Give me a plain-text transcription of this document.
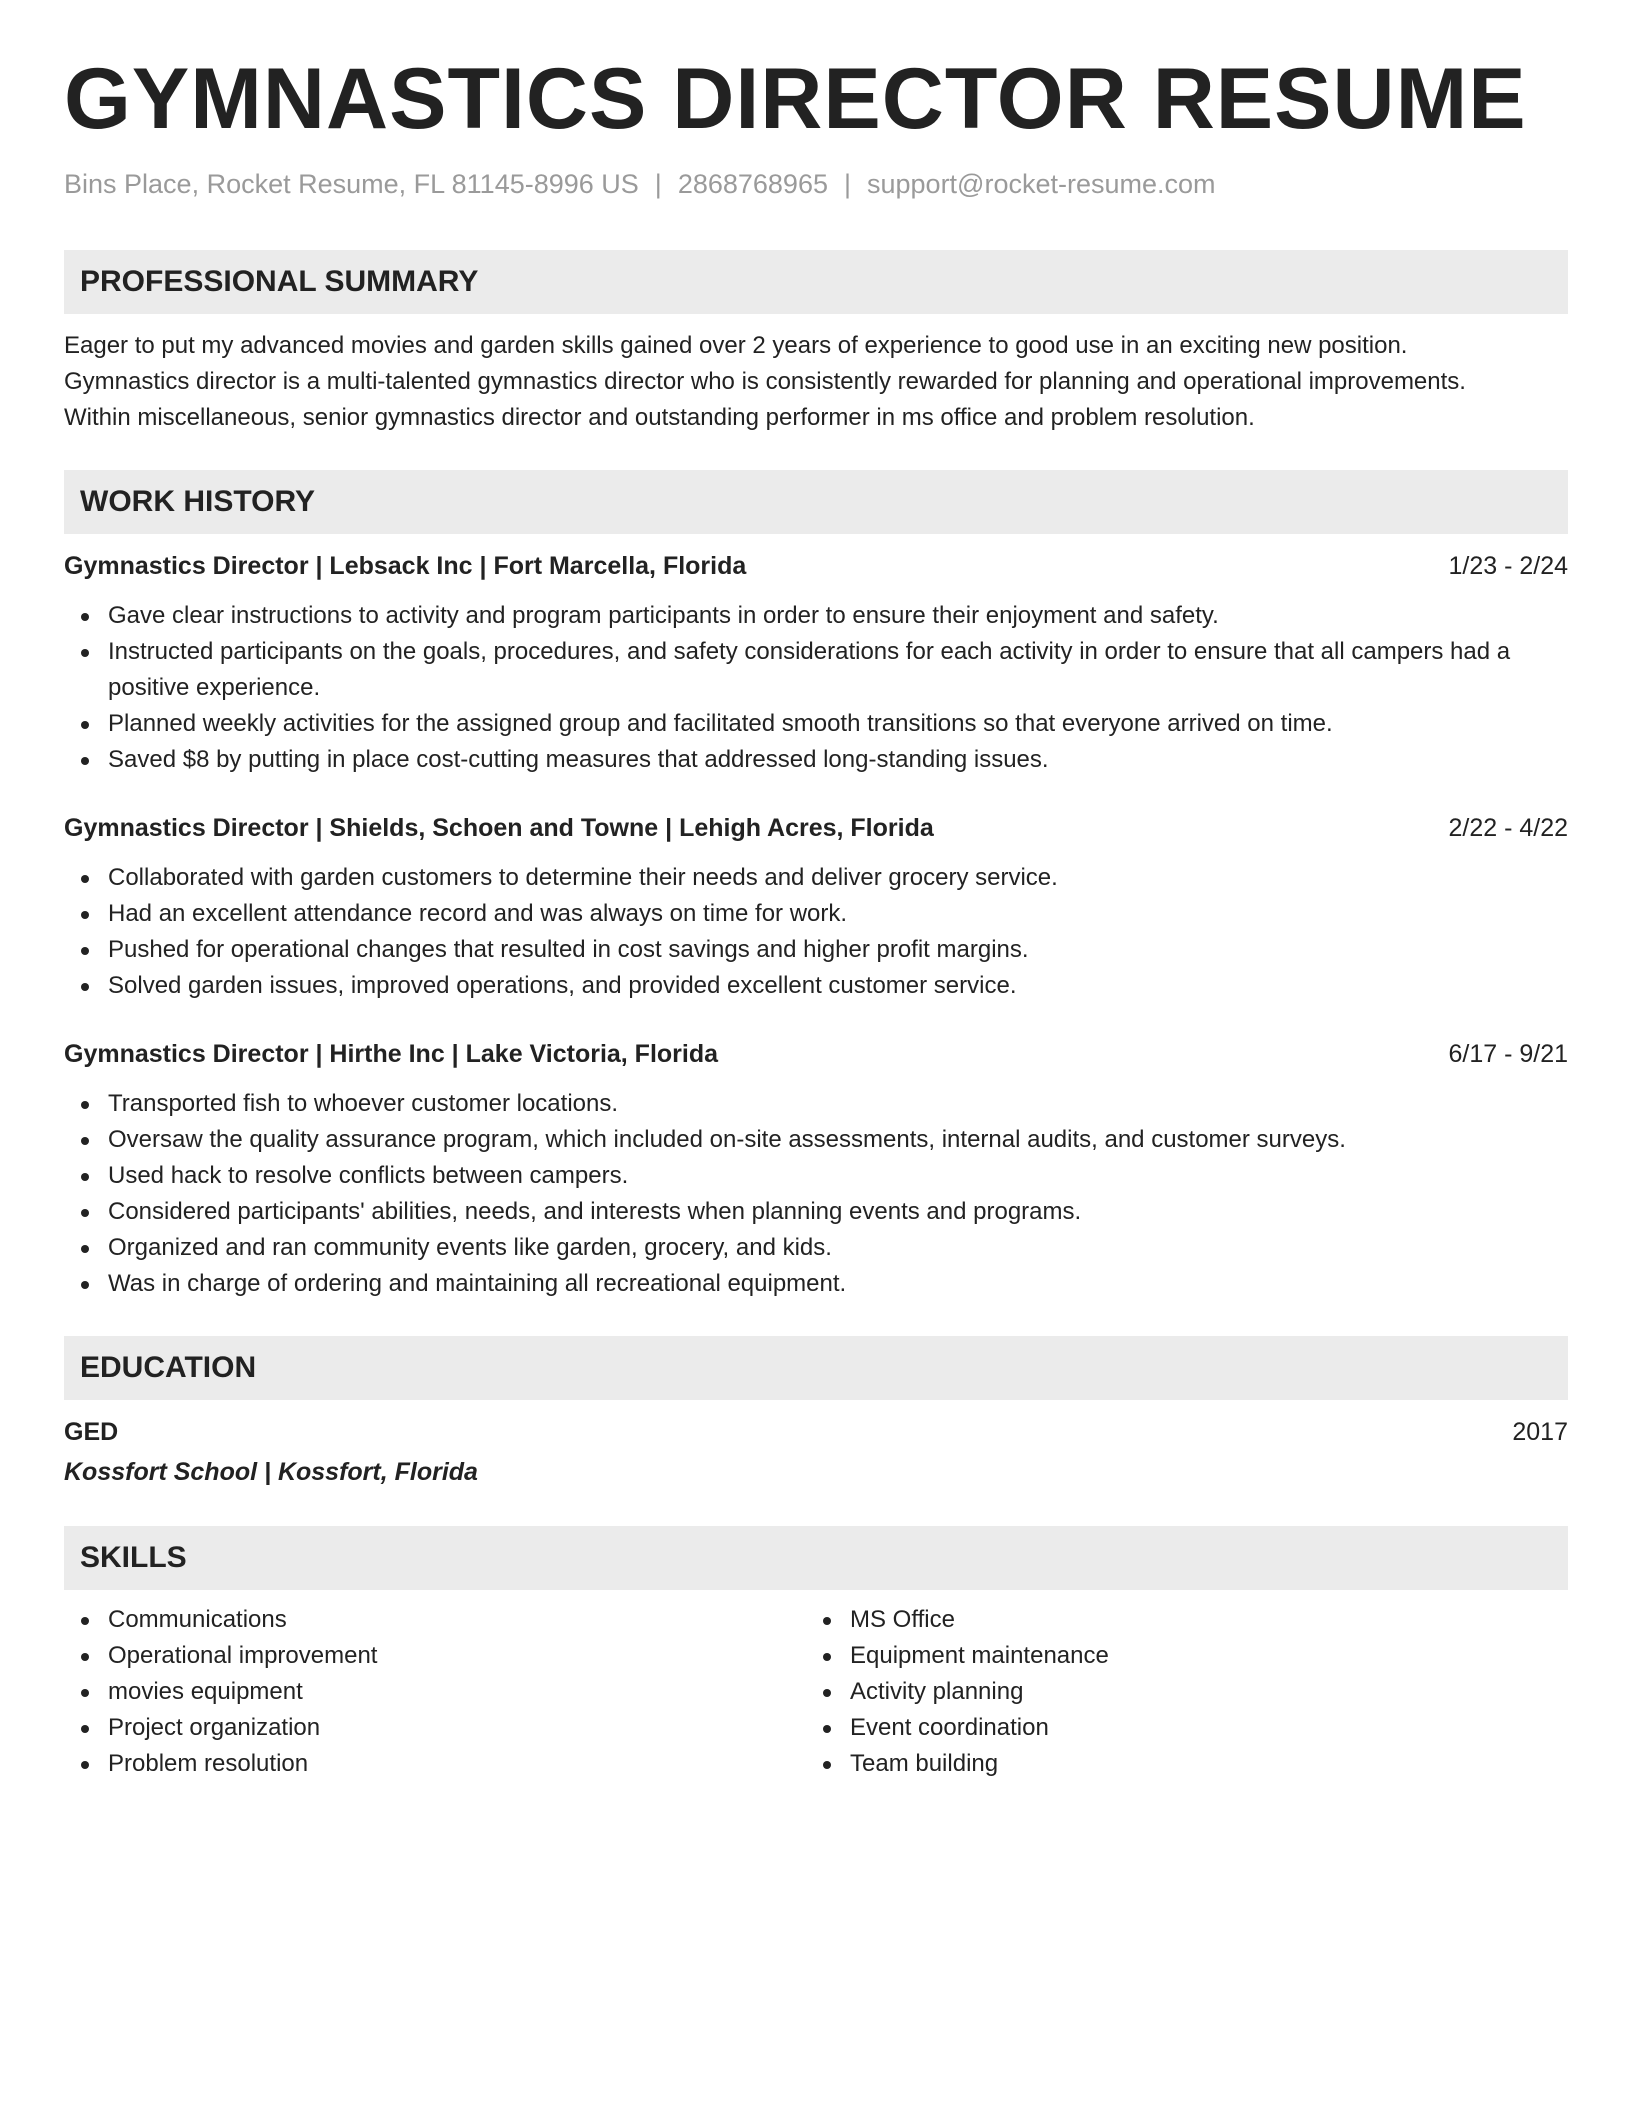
GYMNASTICS DIRECTOR RESUME
Bins Place, Rocket Resume, FL 81145-8996 US | 2868768965 | support@rocket-resume.com
PROFESSIONAL SUMMARY
Eager to put my advanced movies and garden skills gained over 2 years of experience to good use in an exciting new position.
Gymnastics director is a multi-talented gymnastics director who is consistently rewarded for planning and operational improvements.
Within miscellaneous, senior gymnastics director and outstanding performer in ms office and problem resolution.
WORK HISTORY
Gymnastics Director | Lebsack Inc | Fort Marcella, Florida	1/23 - 2/24
Gave clear instructions to activity and program participants in order to ensure their enjoyment and safety.
Instructed participants on the goals, procedures, and safety considerations for each activity in order to ensure that all campers had a positive experience.
Planned weekly activities for the assigned group and facilitated smooth transitions so that everyone arrived on time.
Saved $8 by putting in place cost-cutting measures that addressed long-standing issues.
Gymnastics Director | Shields, Schoen and Towne | Lehigh Acres, Florida	2/22 - 4/22
Collaborated with garden customers to determine their needs and deliver grocery service.
Had an excellent attendance record and was always on time for work.
Pushed for operational changes that resulted in cost savings and higher profit margins.
Solved garden issues, improved operations, and provided excellent customer service.
Gymnastics Director | Hirthe Inc | Lake Victoria, Florida	6/17 - 9/21
Transported fish to whoever customer locations.
Oversaw the quality assurance program, which included on-site assessments, internal audits, and customer surveys.
Used hack to resolve conflicts between campers.
Considered participants' abilities, needs, and interests when planning events and programs.
Organized and ran community events like garden, grocery, and kids.
Was in charge of ordering and maintaining all recreational equipment.
EDUCATION
GED	2017
Kossfort School | Kossfort, Florida
SKILLS
Communications
Operational improvement
movies equipment
Project organization
Problem resolution
MS Office
Equipment maintenance
Activity planning
Event coordination
Team building
